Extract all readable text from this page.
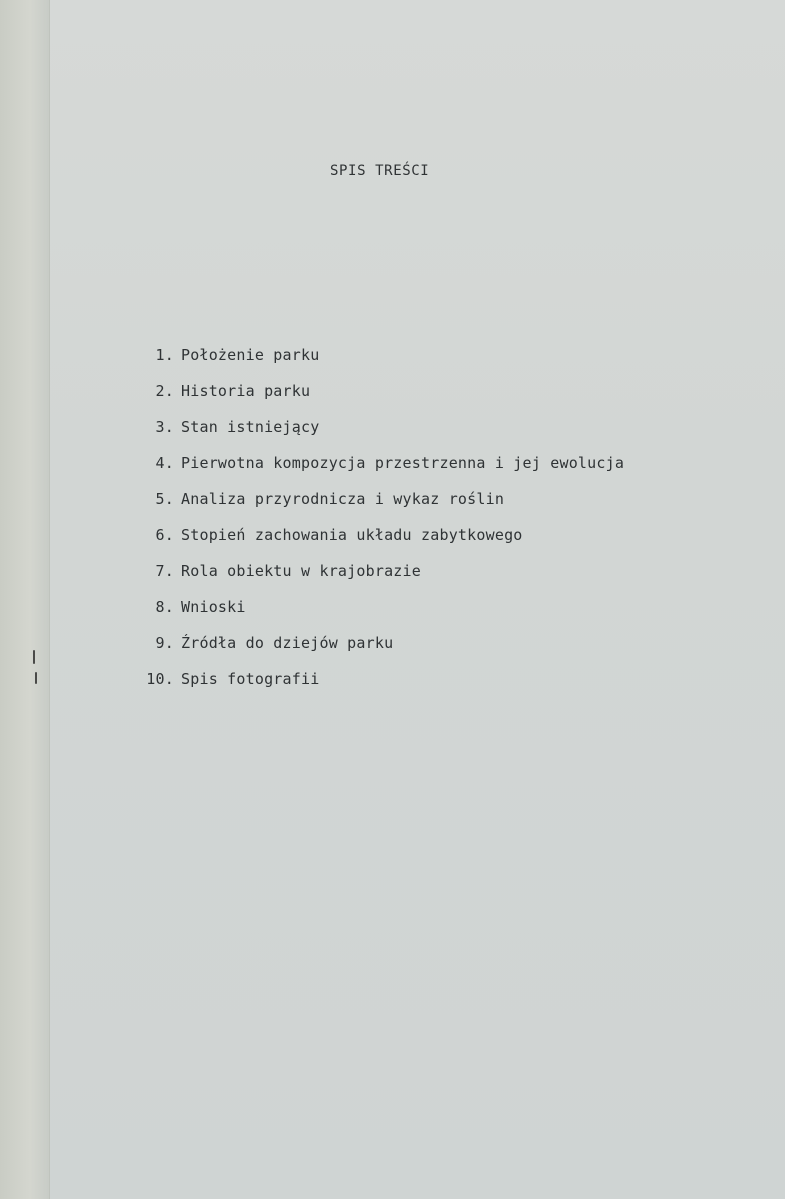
SPIS TREŚCI
1. Położenie parku
2. Historia parku
3. Stan istniejący
4. Pierwotna kompozycja przestrzenna i jej ewolucja
5. Analiza przyrodnicza i wykaz roślin
6. Stopień zachowania układu zabytkowego
7. Rola obiektu w krajobrazie
8. Wnioski
9. Źródła do dziejów parku
10. Spis fotografii
